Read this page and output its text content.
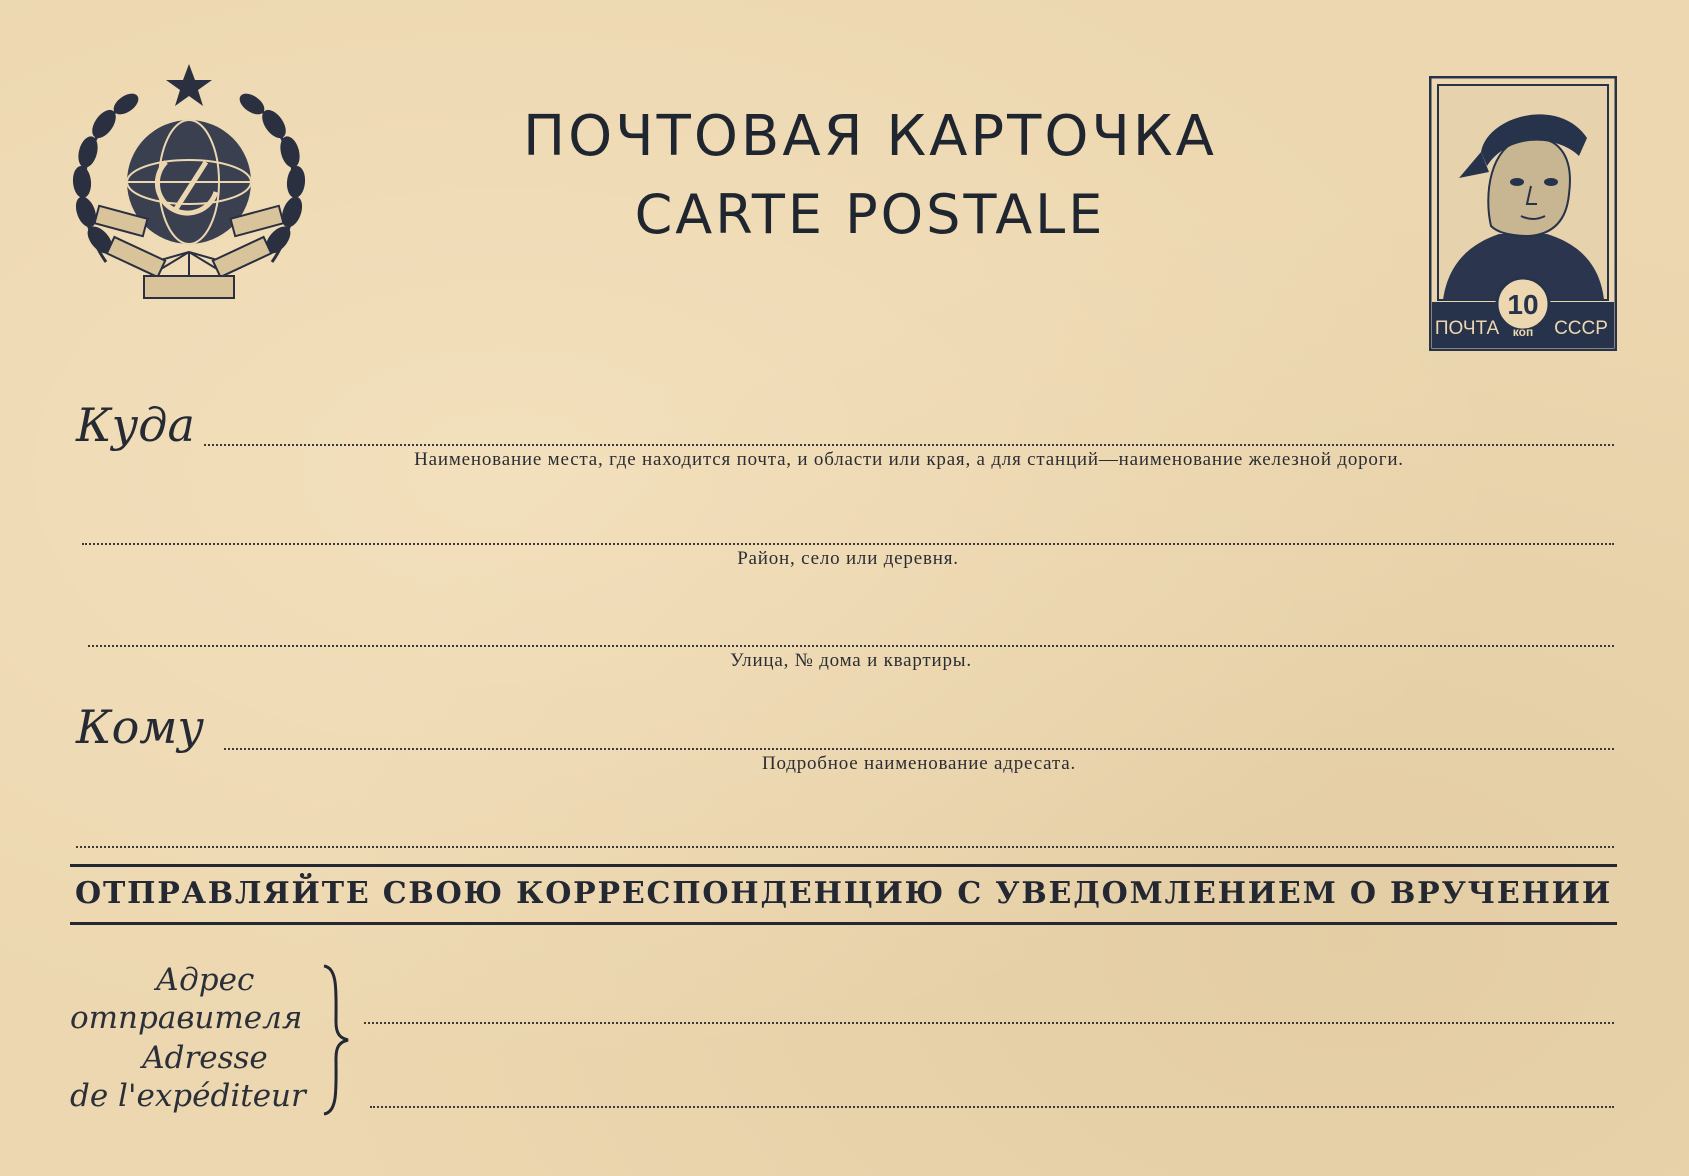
ПОЧТОВАЯ КАРТОЧКА
CARTE POSTALE
10
коп
ПОЧТА	СССР
Куда
Наименование места, где находится почта, и области или края, а для станций—наименование железной дороги.
Район, село или деревня.
Улица, № дома и квартиры.
Кому
Подробное наименование адресата.
ОТПРАВЛЯЙТЕ СВОЮ КОРРЕСПОНДЕНЦИЮ С УВЕДОМЛЕНИЕМ О ВРУЧЕНИИ
Адрес
отправителя
Adresse
de l'expéditeur
